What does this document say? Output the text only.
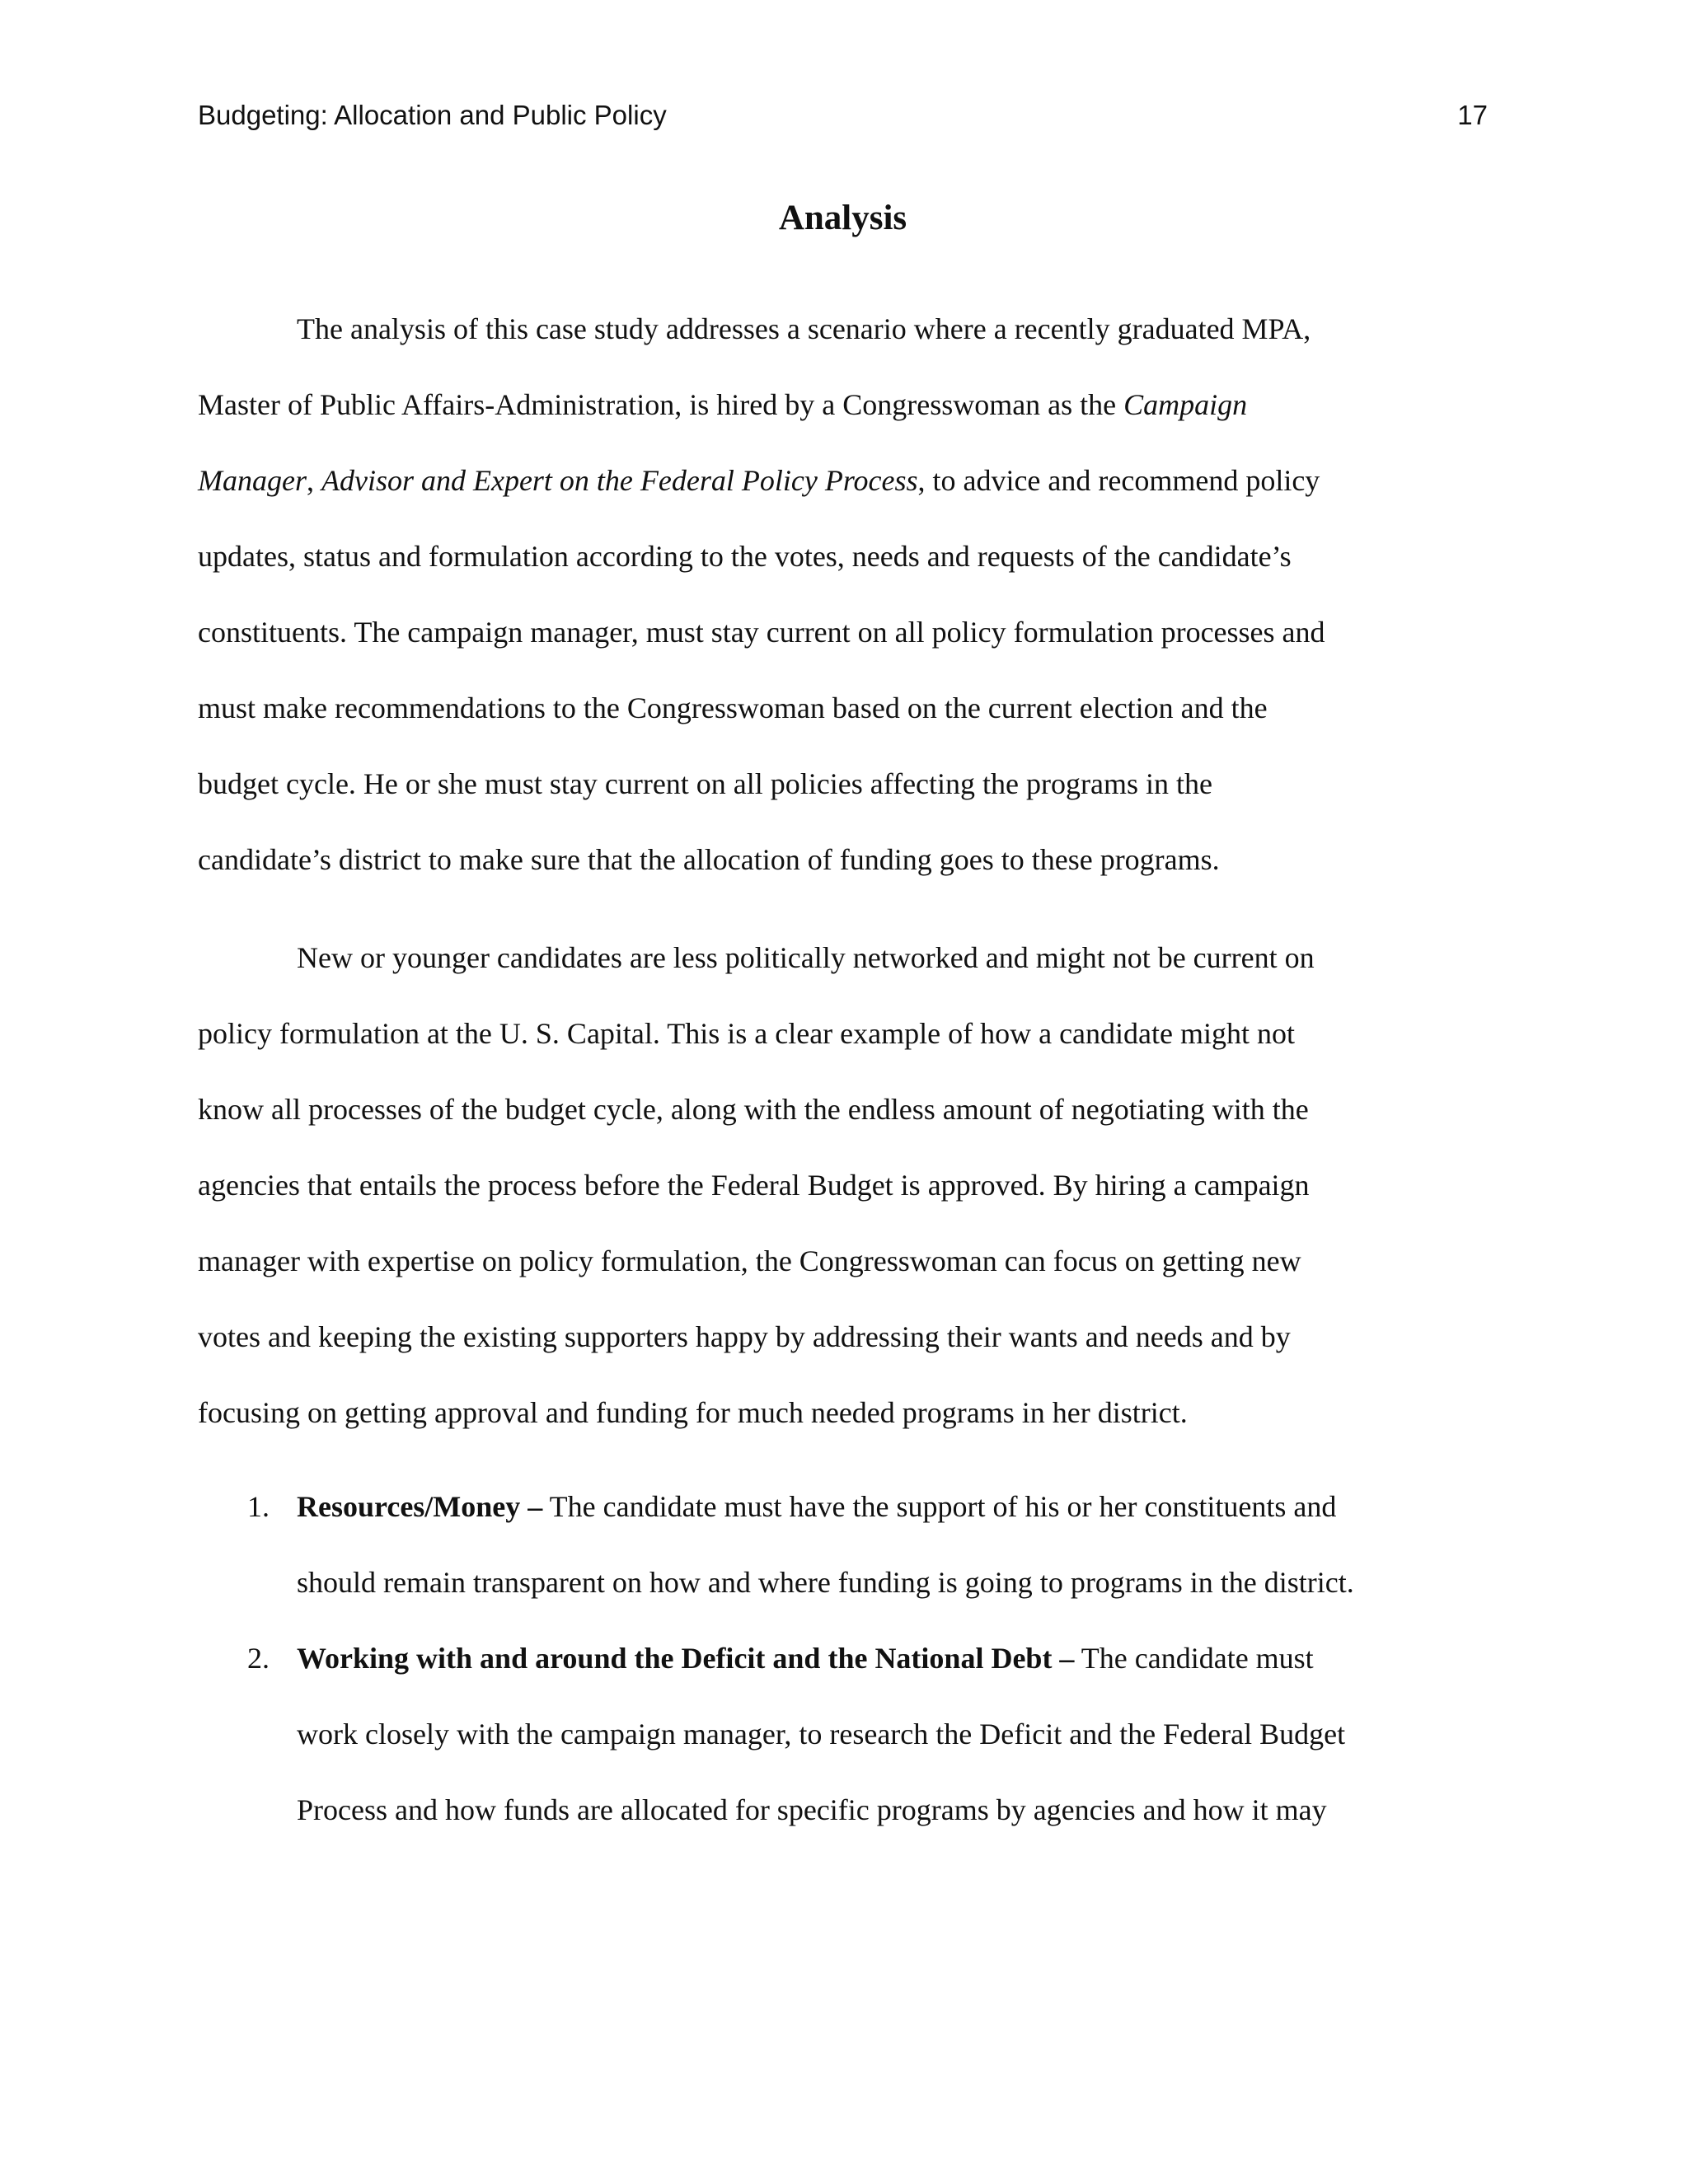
Budgeting: Allocation and Public Policy	17
Analysis

The analysis of this case study addresses a scenario where a recently graduated MPA,
Master of Public Affairs-Administration, is hired by a Congresswoman as the Campaign
Manager, Advisor and Expert on the Federal Policy Process, to advice and recommend policy
updates, status and formulation according to the votes, needs and requests of the candidate’s
constituents. The campaign manager, must stay current on all policy formulation processes and
must make recommendations to the Congresswoman based on the current election and the
budget cycle. He or she must stay current on all policies affecting the programs in the
candidate’s district to make sure that the allocation of funding goes to these programs.

New or younger candidates are less politically networked and might not be current on
policy formulation at the U. S. Capital. This is a clear example of how a candidate might not
know all processes of the budget cycle, along with the endless amount of negotiating with the
agencies that entails the process before the Federal Budget is approved. By hiring a campaign
manager with expertise on policy formulation, the Congresswoman can focus on getting new
votes and keeping the existing supporters happy by addressing their wants and needs and by
focusing on getting approval and funding for much needed programs in her district.

1. Resources/Money – The candidate must have the support of his or her constituents and
should remain transparent on how and where funding is going to programs in the district.
2. Working with and around the Deficit and the National Debt – The candidate must
work closely with the campaign manager, to research the Deficit and the Federal Budget
Process and how funds are allocated for specific programs by agencies and how it may
